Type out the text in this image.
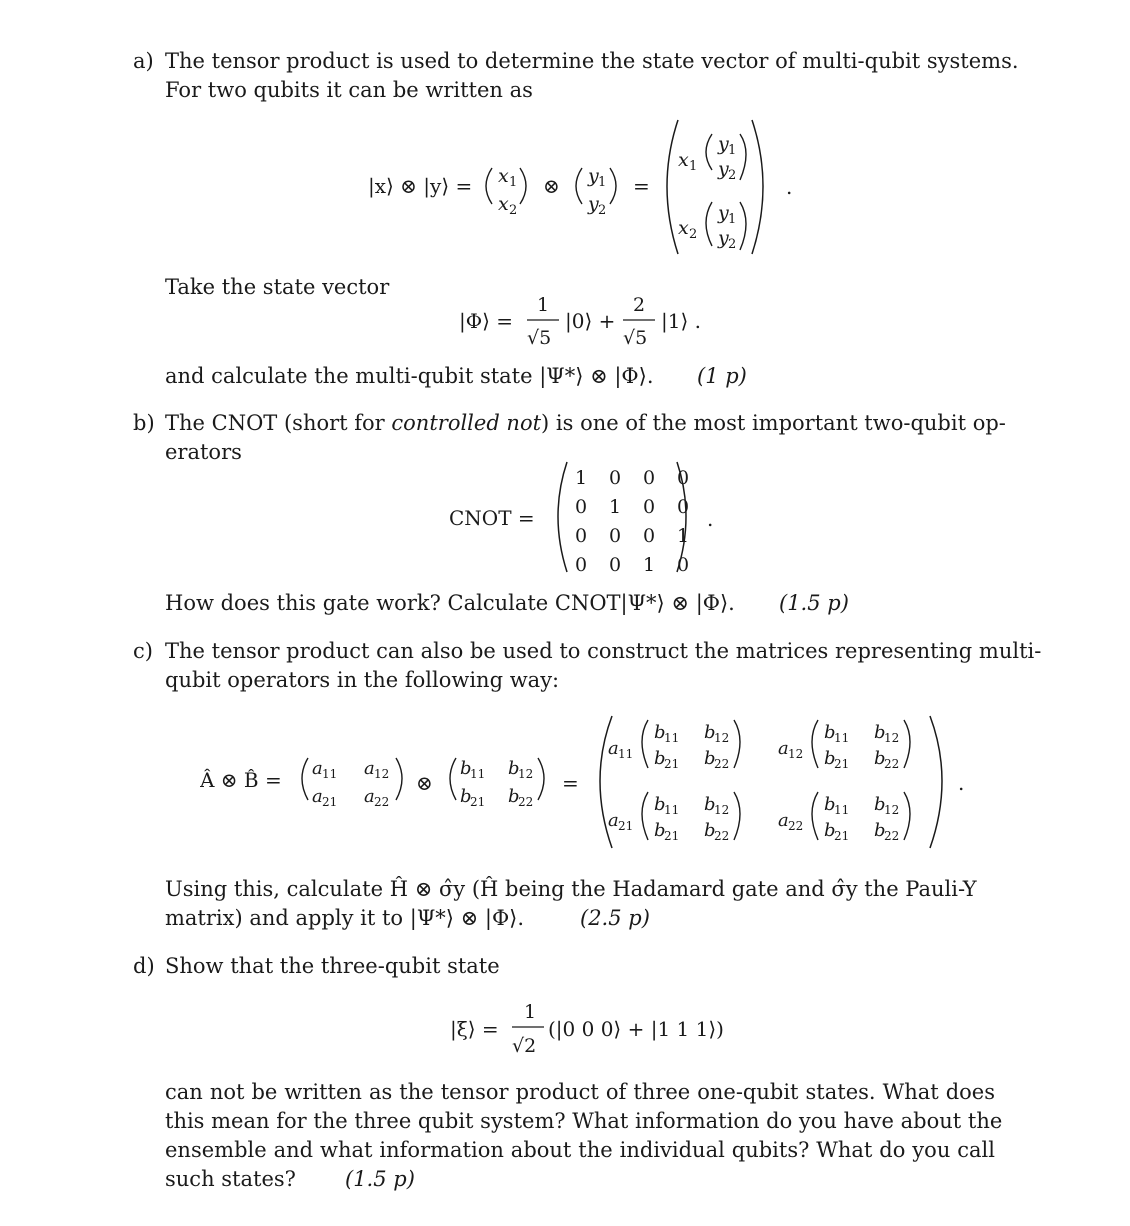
a) The tensor product is used to determine the state vector of multi-qubit systems.
For two qubits it can be written as
|x⟩ ⊗ |y⟩ = x 1
x 2
⊗ y 1
y 2
=
x 1
y 1
y 2
x 2
y 1
y 2
.
Take the state vector
|Φ⟩ =
1
√5
|0⟩ +
2
√5
|1⟩ .
and calculate the multi-qubit state |Ψ*⟩ ⊗ |Φ⟩. (1 p)
b) The CNOT (short for controlled not) is one of the most important two-qubit op-
erators
CNOT =
1 0 0 0
0 1 0 0
0 0 0 1
0 0 1 0
.
How does this gate work? Calculate CNOT|Ψ*⟩ ⊗ |Φ⟩. (1.5 p)
c) The tensor product can also be used to construct the matrices representing multi-
qubit operators in the following way:
Â ⊗ B̂ = a 11 a 12
a 21 a 22
⊗
b
11 b
12
b
21 b
22
=
a 11
b
11 b
12
b
21 b
22
a 12
b
11 b
12
b
21 b
22
a 21
b
11 b
12
b
21 b
22
a 22
b
11 b
12
b
21 b
22
.
Using this, calculate Ĥ ⊗ σ̂y (Ĥ being the Hadamard gate and σ̂y the Pauli-Y
matrix) and apply it to |Ψ*⟩ ⊗ |Φ⟩.	(2.5 p)
d) Show that the three-qubit state
|ξ⟩ =
1
√2
(|0 0 0⟩ + |1 1 1⟩)
can not be written as the tensor product of three one-qubit states. What does
this mean for the three qubit system? What information do you have about the
ensemble and what information about the individual qubits? What do you call
such states? (1.5 p)
